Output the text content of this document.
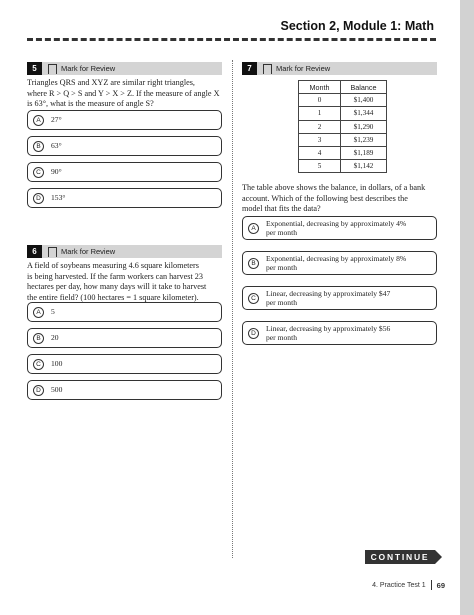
Section 2, Module 1: Math
5	Mark for Review
Triangles QRS and XYZ are similar right triangles,
where R > Q > S and Y > X > Z. If the measure of angle X
is 63°, what is the measure of angle S?
A	27°
B	63°
C	90°
D	153°
6	Mark for Review
A field of soybeans measuring 4.6 square kilometers
is being harvested. If the farm workers can harvest 23
hectares per day, how many days will it take to harvest
the entire field? (100 hectares = 1 square kilometer).
A	5
B	20
C	100
D	500
7	Mark for Review
Month	Balance
0	$1,400
1	$1,344
2	$1,290
3	$1,239
4	$1,189
5	$1,142
The table above shows the balance, in dollars, of a bank
account. Which of the following best describes the
model that fits the data?
A
Exponential, decreasing by approximately 4%
per month
B
Exponential, decreasing by approximately 8%
per month
C
Linear, decreasing by approximately $47
per month
D
Linear, decreasing by approximately $56
per month
CONTINUE
4. Practice Test 1 69
